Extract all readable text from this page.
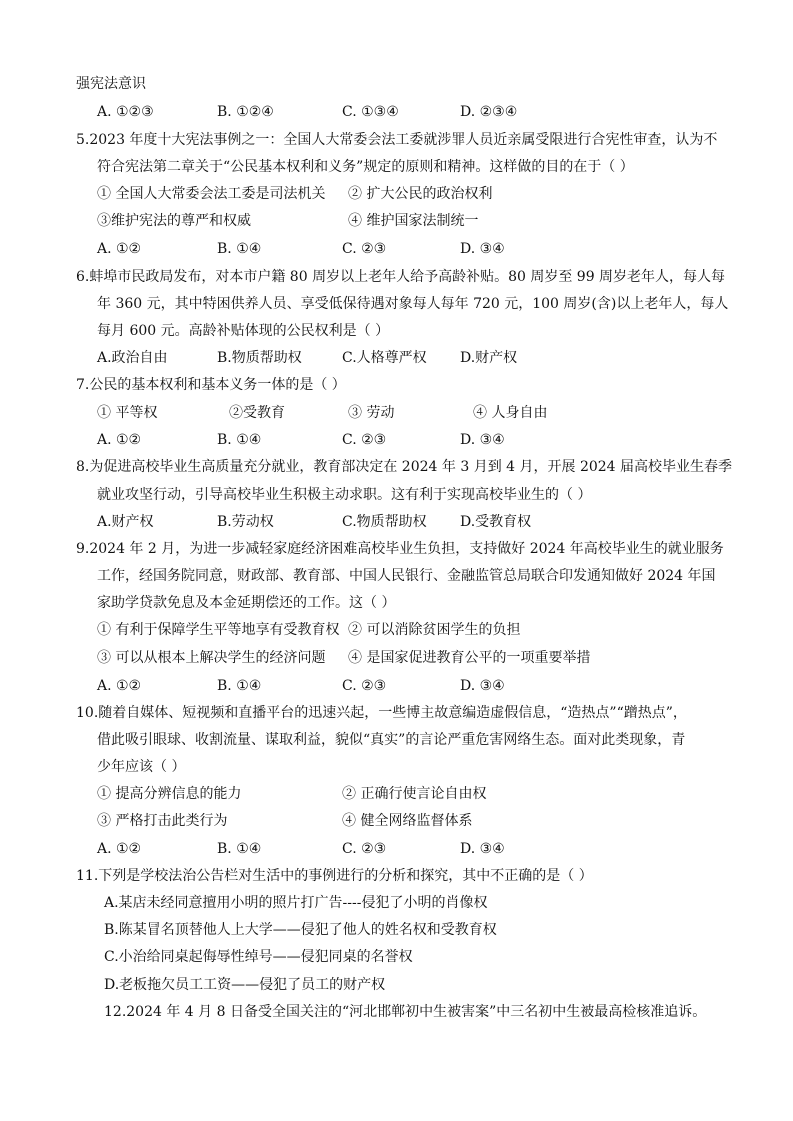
强宪法意识
A. ①②③	B. ①②④	C. ①③④	D. ②③④
5.2023 年度十大宪法事例之一：全国人大常委会法工委就涉罪人员近亲属受限进行合宪性审查，认为不
符合宪法第二章关于“公民基本权利和义务”规定的原则和精神。这样做的目的在于（ ）
① 全国人大常委会法工委是司法机关 ② 扩大公民的政治权利
③维护宪法的尊严和权威	④ 维护国家法制统一
A. ①②	B. ①④	C. ②③	D. ③④
6.蚌埠市民政局发布，对本市户籍 80 周岁以上老年人给予高龄补贴。80 周岁至 99 周岁老年人，每人每
年 360 元，其中特困供养人员、享受低保待遇对象每人每年 720 元，100 周岁(含)以上老年人，每人
每月 600 元。高龄补贴体现的公民权利是（ ）
A.政治自由	B.物质帮助权	C.人格尊严权 D.财产权
7.公民的基本权利和基本义务一体的是（ ）
① 平等权	②受教育	③ 劳动	④ 人身自由
A. ①②	B. ①④	C. ②③	D. ③④
8.为促进高校毕业生高质量充分就业，教育部决定在 2024 年 3 月到 4 月，开展 2024 届高校毕业生春季
就业攻坚行动，引导高校毕业生积极主动求职。这有利于实现高校毕业生的（ ）
A.财产权	B.劳动权	C.物质帮助权 D.受教育权
9.2024 年 2 月，为进一步减轻家庭经济困难高校毕业生负担，支持做好 2024 年高校毕业生的就业服务
工作，经国务院同意，财政部、教育部、中国人民银行、金融监管总局联合印发通知做好 2024 年国
家助学贷款免息及本金延期偿还的工作。这（ ）
① 有利于保障学生平等地享有受教育权 ② 可以消除贫困学生的负担
③ 可以从根本上解决学生的经济问题 ④ 是国家促进教育公平的一项重要举措
A. ①②	B. ①④	C. ②③	D. ③④
10.随着自媒体、短视频和直播平台的迅速兴起，一些博主故意编造虚假信息，“造热点”“蹭热点”，
借此吸引眼球、收割流量、谋取利益，貌似“真实”的言论严重危害网络生态。面对此类现象，青
少年应该（ ）
① 提高分辨信息的能力	② 正确行使言论自由权
③ 严格打击此类行为	④ 健全网络监督体系
A. ①②	B. ①④	C. ②③	D. ③④
11.下列是学校法治公告栏对生活中的事例进行的分析和探究，其中不正确的是（ ）
A.某店未经同意擅用小明的照片打广告----侵犯了小明的肖像权
B.陈某冒名顶替他人上大学——侵犯了他人的姓名权和受教育权
C.小治给同桌起侮辱性绰号——侵犯同桌的名誉权
D.老板拖欠员工工资——侵犯了员工的财产权
12.2024 年 4 月 8 日备受全国关注的“河北邯郸初中生被害案”中三名初中生被最高检核准追诉。
